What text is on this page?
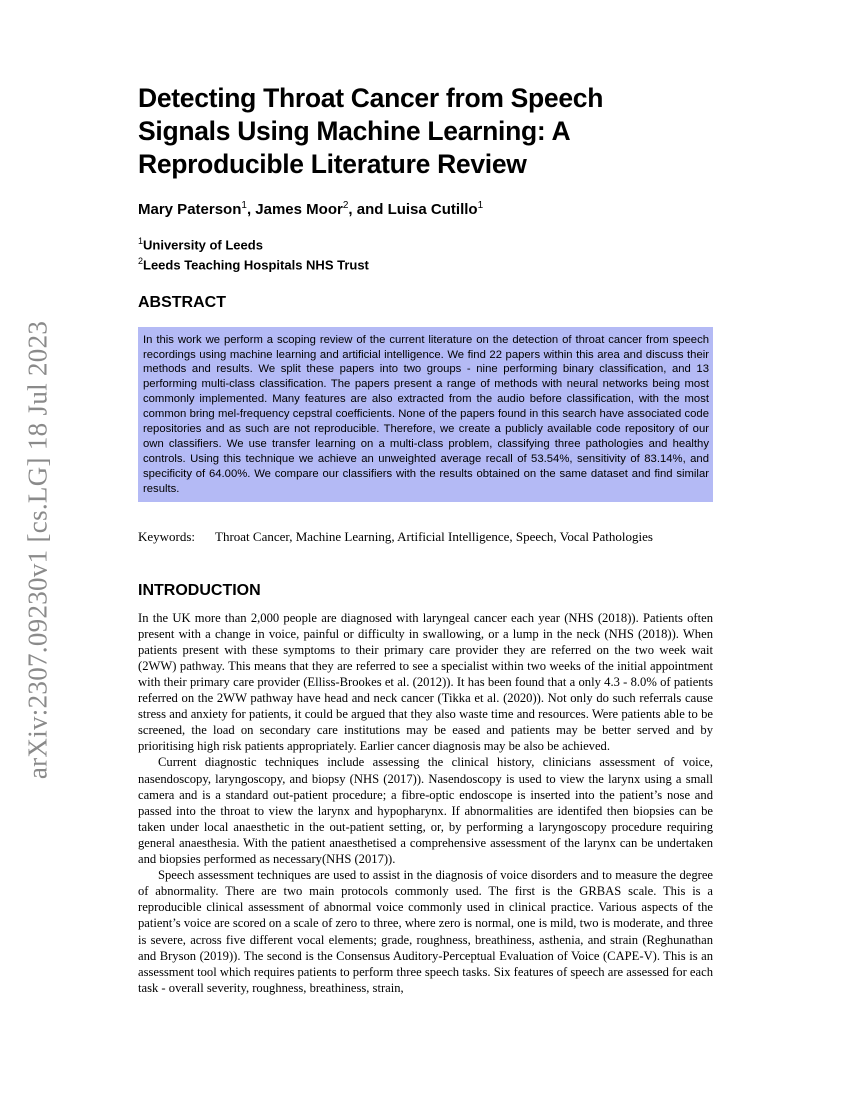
arXiv:2307.09230v1 [cs.LG] 18 Jul 2023
Detecting Throat Cancer from Speech Signals Using Machine Learning: A Reproducible Literature Review
Mary Paterson$^1$, James Moor$^2$, and Luisa Cutillo$^1$
$^1$University of Leeds
$^2$Leeds Teaching Hospitals NHS Trust
ABSTRACT
In this work we perform a scoping review of the current literature on the detection of throat cancer from speech recordings using machine learning and artificial intelligence. We find 22 papers within this area and discuss their methods and results. We split these papers into two groups - nine performing binary classification, and 13 performing multi-class classification. The papers present a range of methods with neural networks being most commonly implemented. Many features are also extracted from the audio before classification, with the most common bring mel-frequency cepstral coefficients. None of the papers found in this search have associated code repositories and as such are not reproducible. Therefore, we create a publicly available code repository of our own classifiers. We use transfer learning on a multi-class problem, classifying three pathologies and healthy controls. Using this technique we achieve an unweighted average recall of 53.54%, sensitivity of 83.14%, and specificity of 64.00%. We compare our classifiers with the results obtained on the same dataset and find similar results.
Keywords: Throat Cancer, Machine Learning, Artificial Intelligence, Speech, Vocal Pathologies
INTRODUCTION

In the UK more than 2,000 people are diagnosed with laryngeal cancer each year (NHS (2018)). Patients often present with a change in voice, painful or difficulty in swallowing, or a lump in the neck (NHS (2018)). When patients present with these symptoms to their primary care provider they are referred on the two week wait (2WW) pathway. This means that they are referred to see a specialist within two weeks of the initial appointment with their primary care provider (Elliss-Brookes et al. (2012)). It has been found that a only 4.3 - 8.0% of patients referred on the 2WW pathway have head and neck cancer (Tikka et al. (2020)). Not only do such referrals cause stress and anxiety for patients, it could be argued that they also waste time and resources. Were patients able to be screened, the load on secondary care institutions may be eased and patients may be better served and by prioritising high risk patients appropriately. Earlier cancer diagnosis may be also be achieved.

Current diagnostic techniques include assessing the clinical history, clinicians assessment of voice, nasendoscopy, laryngoscopy, and biopsy (NHS (2017)). Nasendoscopy is used to view the larynx using a small camera and is a standard out-patient procedure; a fibre-optic endoscope is inserted into the patient’s nose and passed into the throat to view the larynx and hypopharynx. If abnormalities are identifed then biopsies can be taken under local anaesthetic in the out-patient setting, or, by performing a laryngoscopy procedure requiring general anaesthesia. With the patient anaesthetised a comprehensive assessment of the larynx can be undertaken and biopsies performed as necessary(NHS (2017)).

Speech assessment techniques are used to assist in the diagnosis of voice disorders and to measure the degree of abnormality. There are two main protocols commonly used. The first is the GRBAS scale. This is a reproducible clinical assessment of abnormal voice commonly used in clinical practice. Various aspects of the patient’s voice are scored on a scale of zero to three, where zero is normal, one is mild, two is moderate, and three is severe, across five different vocal elements; grade, roughness, breathiness, asthenia, and strain (Reghunathan and Bryson (2019)). The second is the Consensus Auditory-Perceptual Evaluation of Voice (CAPE-V). This is an assessment tool which requires patients to perform three speech tasks. Six features of speech are assessed for each task - overall severity, roughness, breathiness, strain,
